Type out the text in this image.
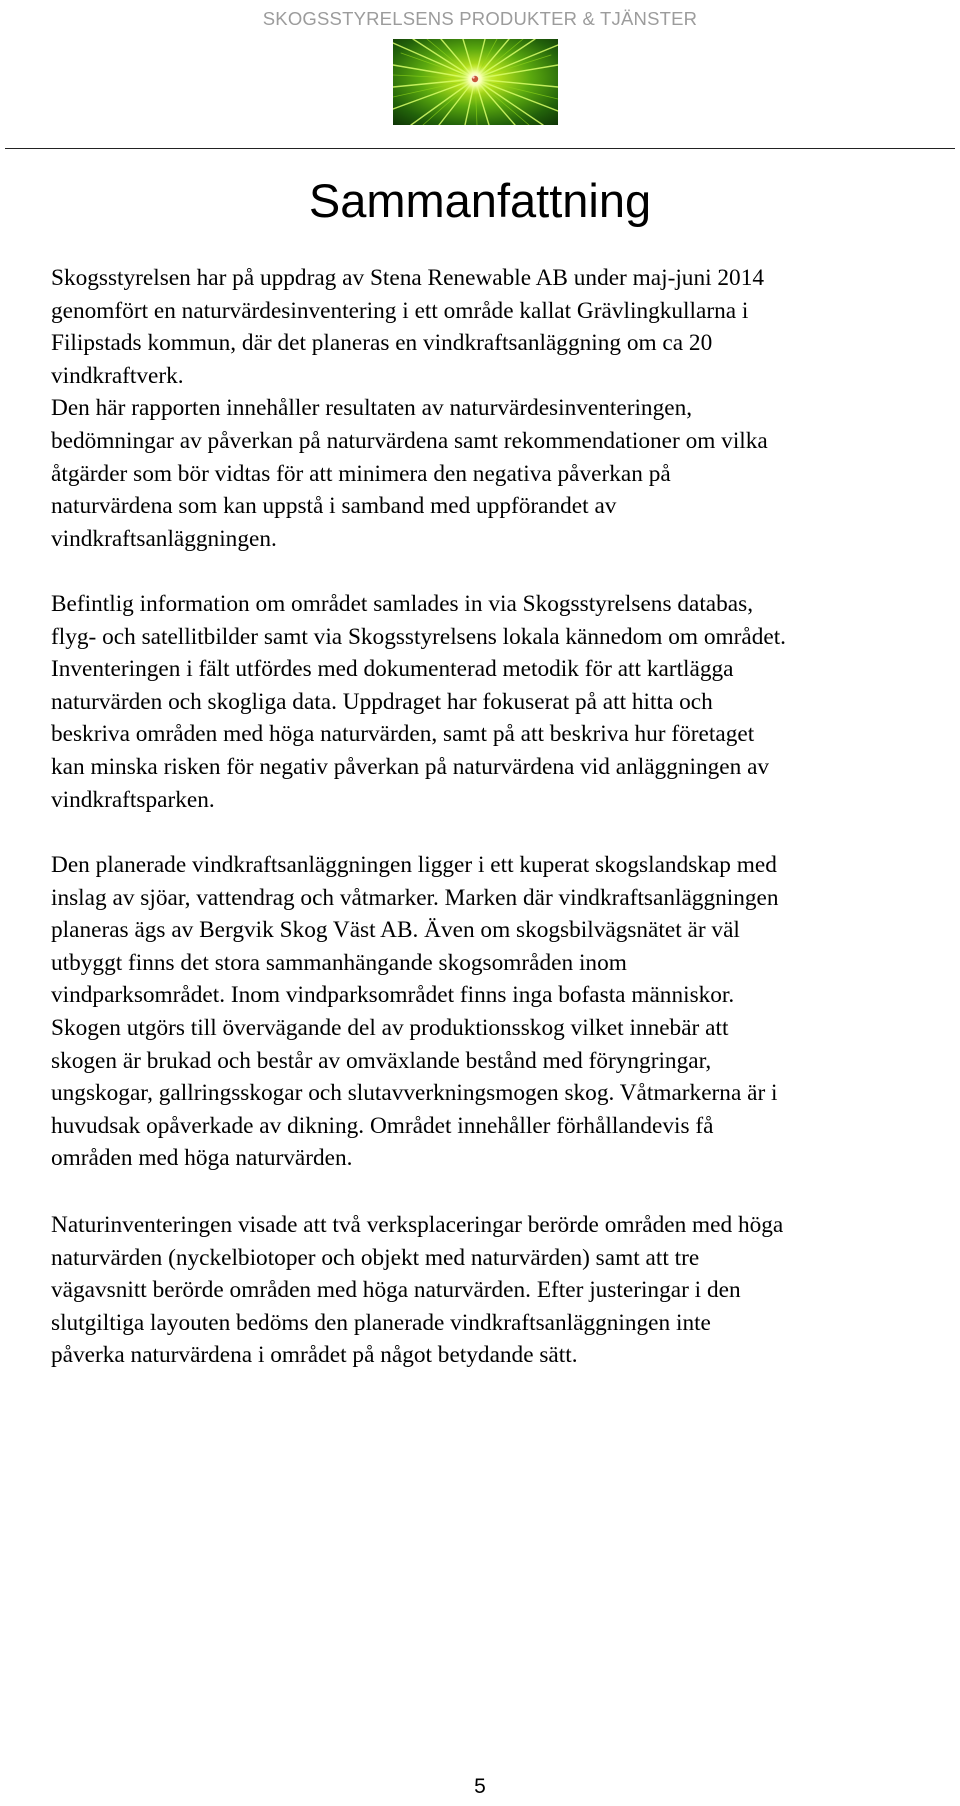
SKOGSSTYRELSENS PRODUKTER & TJÄNSTER
Sammanfattning
Skogsstyrelsen har på uppdrag av Stena Renewable AB under maj-juni 2014
genomfört en naturvärdesinventering i ett område kallat Grävlingkullarna i
Filipstads kommun, där det planeras en vindkraftsanläggning om ca 20
vindkraftverk.
Den här rapporten innehåller resultaten av naturvärdesinventeringen,
bedömningar av påverkan på naturvärdena samt rekommendationer om vilka
åtgärder som bör vidtas för att minimera den negativa påverkan på
naturvärdena som kan uppstå i samband med uppförandet av
vindkraftsanläggningen.
Befintlig information om området samlades in via Skogsstyrelsens databas,
flyg- och satellitbilder samt via Skogsstyrelsens lokala kännedom om området.
Inventeringen i fält utfördes med dokumenterad metodik för att kartlägga
naturvärden och skogliga data. Uppdraget har fokuserat på att hitta och
beskriva områden med höga naturvärden, samt på att beskriva hur företaget
kan minska risken för negativ påverkan på naturvärdena vid anläggningen av
vindkraftsparken.
Den planerade vindkraftsanläggningen ligger i ett kuperat skogslandskap med
inslag av sjöar, vattendrag och våtmarker. Marken där vindkraftsanläggningen
planeras ägs av Bergvik Skog Väst AB. Även om skogsbilvägsnätet är väl
utbyggt finns det stora sammanhängande skogsområden inom
vindparksområdet. Inom vindparksområdet finns inga bofasta människor.
Skogen utgörs till övervägande del av produktionsskog vilket innebär att
skogen är brukad och består av omväxlande bestånd med föryngringar,
ungskogar, gallringsskogar och slutavverkningsmogen skog. Våtmarkerna är i
huvudsak opåverkade av dikning. Området innehåller förhållandevis få
områden med höga naturvärden.
Naturinventeringen visade att två verksplaceringar berörde områden med höga
naturvärden (nyckelbiotoper och objekt med naturvärden) samt att tre
vägavsnitt berörde områden med höga naturvärden. Efter justeringar i den
slutgiltiga layouten bedöms den planerade vindkraftsanläggningen inte
påverka naturvärdena i området på något betydande sätt.
5
